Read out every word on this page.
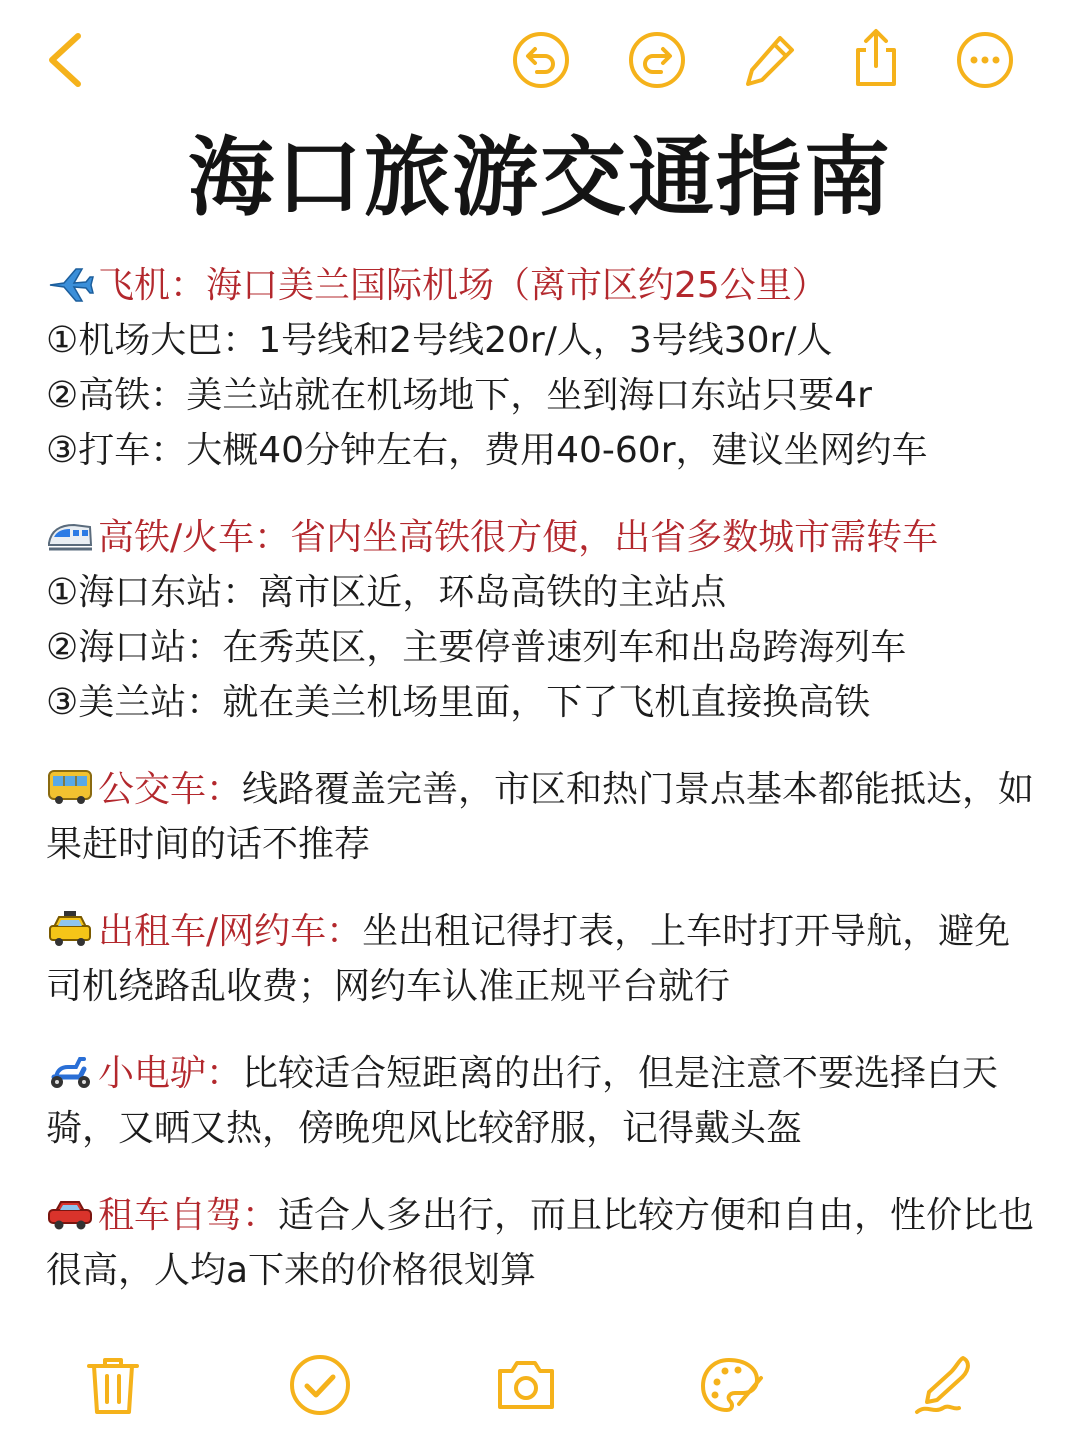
海口旅游交通指南
飞机：海口美兰国际机场（离市区约25公里）
①机场大巴：1号线和2号线20r/人，3号线30r/人
②高铁：美兰站就在机场地下，坐到海口东站只要4r
③打车：大概40分钟左右，费用40-60r，建议坐网约车
高铁/火车：省内坐高铁很方便，出省多数城市需转车
①海口东站：离市区近，环岛高铁的主站点
②海口站：在秀英区，主要停普速列车和出岛跨海列车
③美兰站：就在美兰机场里面，下了飞机直接换高铁

公交车：线路覆盖完善，市区和热门景点基本都能抵达，如果赶时间的话不推荐

出租车/网约车：坐出租记得打表，上车时打开导航，避免司机绕路乱收费；网约车认准正规平台就行

小电驴：比较适合短距离的出行，但是注意不要选择白天骑，又晒又热，傍晚兜风比较舒服，记得戴头盔

租车自驾：适合人多出行，而且比较方便和自由，性价比也很高，人均a下来的价格很划算
